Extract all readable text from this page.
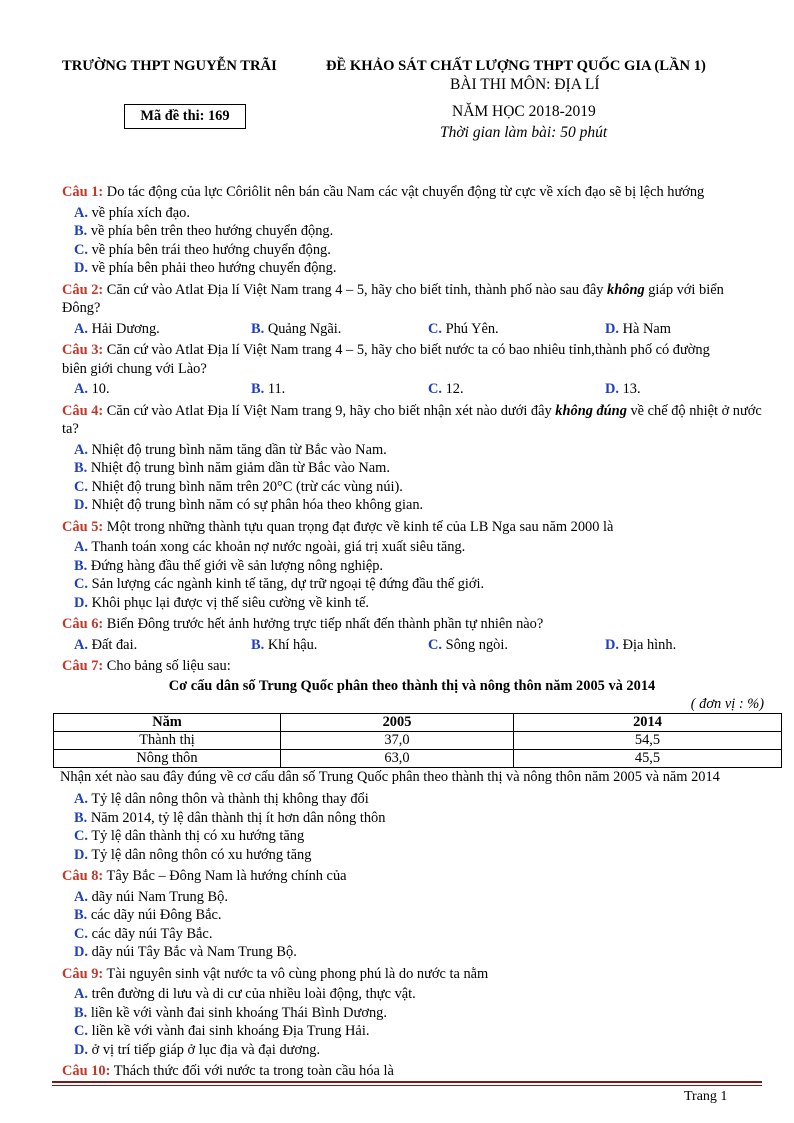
TRƯỜNG THPT NGUYỄN TRÃI	ĐỀ KHẢO SÁT CHẤT LƯỢNG THPT QUỐC GIA (LẦN 1)
BÀI THI MÔN: ĐỊA LÍ
Mã đề thi: 169	NĂM HỌC 2018-2019
Thời gian làm bài: 50 phút
Câu 1: Do tác động của lực Côriôlit nên bán cầu Nam các vật chuyển động từ cực về xích đạo sẽ bị lệch hướng
A. về phía xích đạo.
B. về phía bên trên theo hướng chuyển động.
C. về phía bên trái theo hướng chuyển động.
D. về phía bên phải theo hướng chuyển động.
Câu 2: Căn cứ vào Atlat Địa lí Việt Nam trang 4 – 5, hãy cho biết tỉnh, thành phố nào sau đây không giáp với biển Đông?
A. Hải Dương.	B. Quảng Ngãi.	C. Phú Yên.	D. Hà Nam
Câu 3: Căn cứ vào Atlat Địa lí Việt Nam trang 4 – 5, hãy cho biết nước ta có bao nhiêu tỉnh,thành phố có đường biên giới chung với Lào?
A. 10.	B. 11.	C. 12.	D. 13.
Câu 4: Căn cứ vào Atlat Địa lí Việt Nam trang 9, hãy cho biết nhận xét nào dưới đây không đúng về chế độ nhiệt ở nước ta?
A. Nhiệt độ trung bình năm tăng dần từ Bắc vào Nam.
B. Nhiệt độ trung bình năm giảm dần từ Bắc vào Nam.
C. Nhiệt độ trung bình năm trên 20°C (trừ các vùng núi).
D. Nhiệt độ trung bình năm có sự phân hóa theo không gian.
Câu 5: Một trong những thành tựu quan trọng đạt được về kinh tế của LB Nga sau năm 2000 là
A. Thanh toán xong các khoản nợ nước ngoài, giá trị xuất siêu tăng.
B. Đứng hàng đầu thế giới về sản lượng nông nghiệp.
C. Sản lượng các ngành kinh tế tăng, dự trữ ngoại tệ đứng đầu thế giới.
D. Khôi phục lại được vị thế siêu cường về kinh tế.
Câu 6: Biển Đông trước hết ảnh hưởng trực tiếp nhất đến thành phần tự nhiên nào?
A. Đất đai.	B. Khí hậu.	C. Sông ngòi.	D. Địa hình.
Câu 7: Cho bảng số liệu sau:
Cơ cấu dân số Trung Quốc phân theo thành thị và nông thôn năm 2005 và 2014
( đơn vị : %)
Năm	2005	2014
Thành thị	37,0	54,5
Nông thôn	63,0	45,5
Nhận xét nào sau đây đúng về cơ cấu dân số Trung Quốc phân theo thành thị và nông thôn năm 2005 và năm 2014
A. Tỷ lệ dân nông thôn và thành thị không thay đổi
B. Năm 2014, tỷ lệ dân thành thị ít hơn dân nông thôn
C. Tỷ lệ dân thành thị có xu hướng tăng
D. Tỷ lệ dân nông thôn có xu hướng tăng
Câu 8: Tây Bắc – Đông Nam là hướng chính của
A. dãy núi Nam Trung Bộ.
B. các dãy núi Đông Bắc.
C. các dãy núi Tây Bắc.
D. dãy núi Tây Bắc và Nam Trung Bộ.
Câu 9: Tài nguyên sinh vật nước ta vô cùng phong phú là do nước ta nằm
A. trên đường di lưu và di cư của nhiều loài động, thực vật.
B. liền kề với vành đai sinh khoáng Thái Bình Dương.
C. liền kề với vành đai sinh khoáng Địa Trung Hải.
D. ở vị trí tiếp giáp ở lục địa và đại dương.
Câu 10: Thách thức đối với nước ta trong toàn cầu hóa là
Trang 1
